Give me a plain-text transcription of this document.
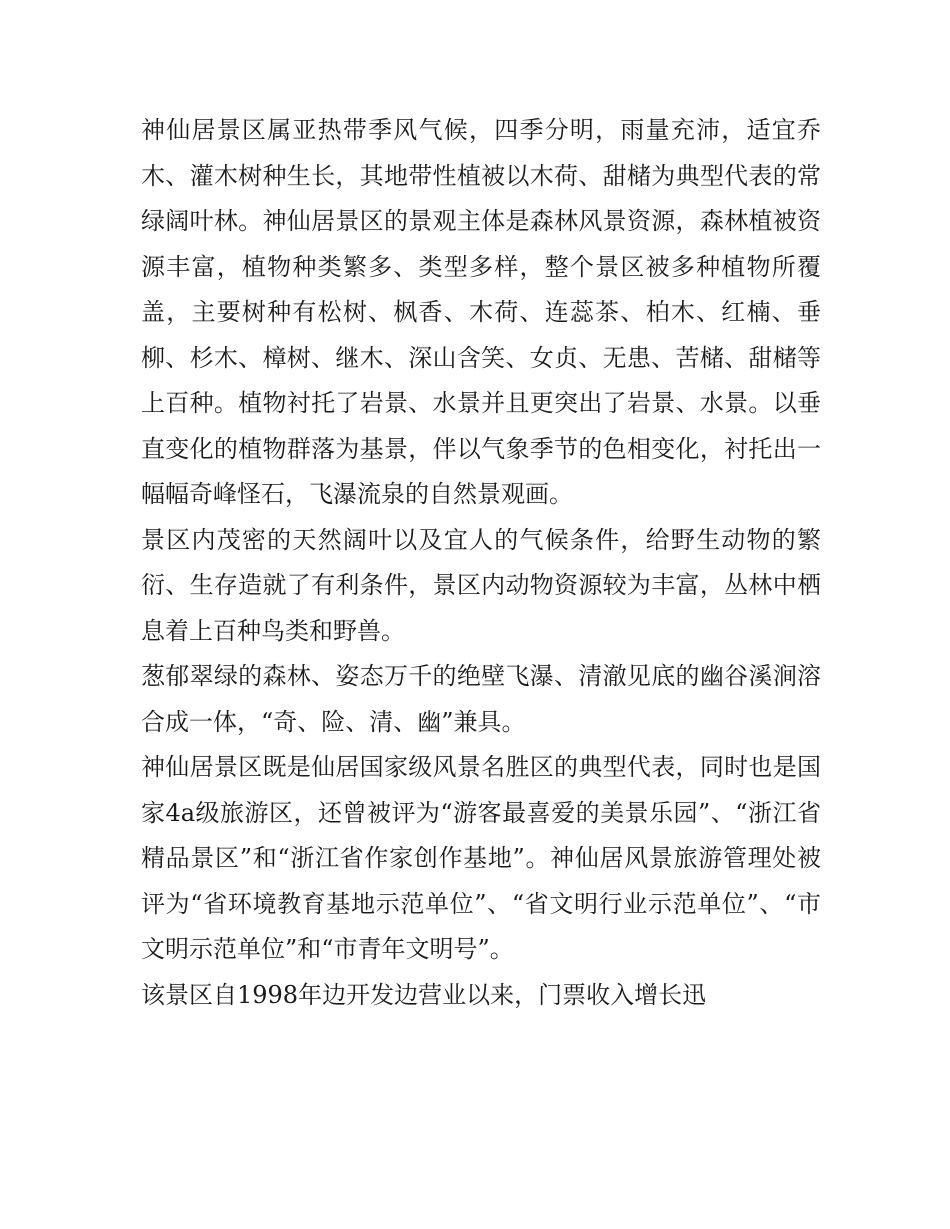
神仙居景区属亚热带季风气候，四季分明，雨量充沛，适宜乔木、灌木树种生长，其地带性植被以木荷、甜槠为典型代表的常绿阔叶林。神仙居景区的景观主体是森林风景资源，森林植被资源丰富，植物种类繁多、类型多样，整个景区被多种植物所覆盖，主要树种有松树、枫香、木荷、连蕊茶、柏木、红楠、垂柳、杉木、樟树、继木、深山含笑、女贞、无患、苦槠、甜槠等上百种。植物衬托了岩景、水景并且更突出了岩景、水景。以垂直变化的植物群落为基景，伴以气象季节的色相变化，衬托出一幅幅奇峰怪石，飞瀑流泉的自然景观画。

景区内茂密的天然阔叶以及宜人的气候条件，给野生动物的繁衍、生存造就了有利条件，景区内动物资源较为丰富，丛林中栖息着上百种鸟类和野兽。

葱郁翠绿的森林、姿态万千的绝壁飞瀑、清澈见底的幽谷溪涧溶合成一体，“奇、险、清、幽”兼具。

神仙居景区既是仙居国家级风景名胜区的典型代表，同时也是国家4a级旅游区，还曾被评为“游客最喜爱的美景乐园”、“浙江省精品景区”和“浙江省作家创作基地”。神仙居风景旅游管理处被评为“省环境教育基地示范单位”、“省文明行业示范单位”、“市文明示范单位”和“市青年文明号”。

该景区自1998年边开发边营业以来，门票收入增长迅
